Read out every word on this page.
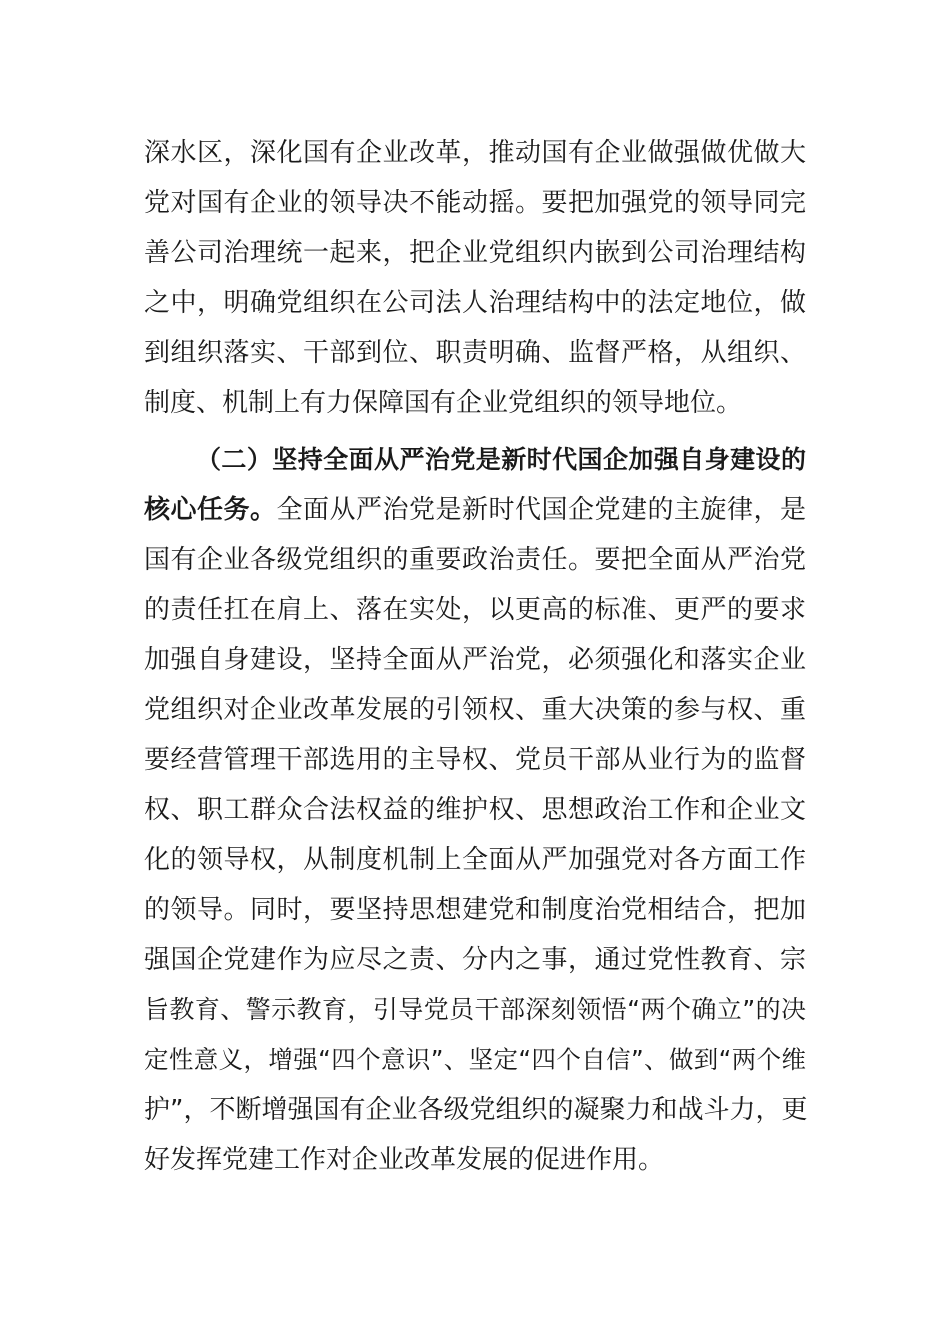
深水区，深化国有企业改革，推动国有企业做强做优做大
党对国有企业的领导决不能动摇。要把加强党的领导同完
善公司治理统一起来，把企业党组织内嵌到公司治理结构
之中，明确党组织在公司法人治理结构中的法定地位，做
到组织落实、干部到位、职责明确、监督严格，从组织、
制度、机制上有力保障国有企业党组织的领导地位。
（二）坚持全面从严治党是新时代国企加强自身建设的
核心任务。全面从严治党是新时代国企党建的主旋律，是
国有企业各级党组织的重要政治责任。要把全面从严治党
的责任扛在肩上、落在实处，以更高的标准、更严的要求
加强自身建设，坚持全面从严治党，必须强化和落实企业
党组织对企业改革发展的引领权、重大决策的参与权、重
要经营管理干部选用的主导权、党员干部从业行为的监督
权、职工群众合法权益的维护权、思想政治工作和企业文
化的领导权，从制度机制上全面从严加强党对各方面工作
的领导。同时，要坚持思想建党和制度治党相结合，把加
强国企党建作为应尽之责、分内之事，通过党性教育、宗
旨教育、警示教育，引导党员干部深刻领悟“两个确立”的决
定性意义，增强“四个意识”、坚定“四个自信”、做到“两个维
护”，不断增强国有企业各级党组织的凝聚力和战斗力，更
好发挥党建工作对企业改革发展的促进作用。
